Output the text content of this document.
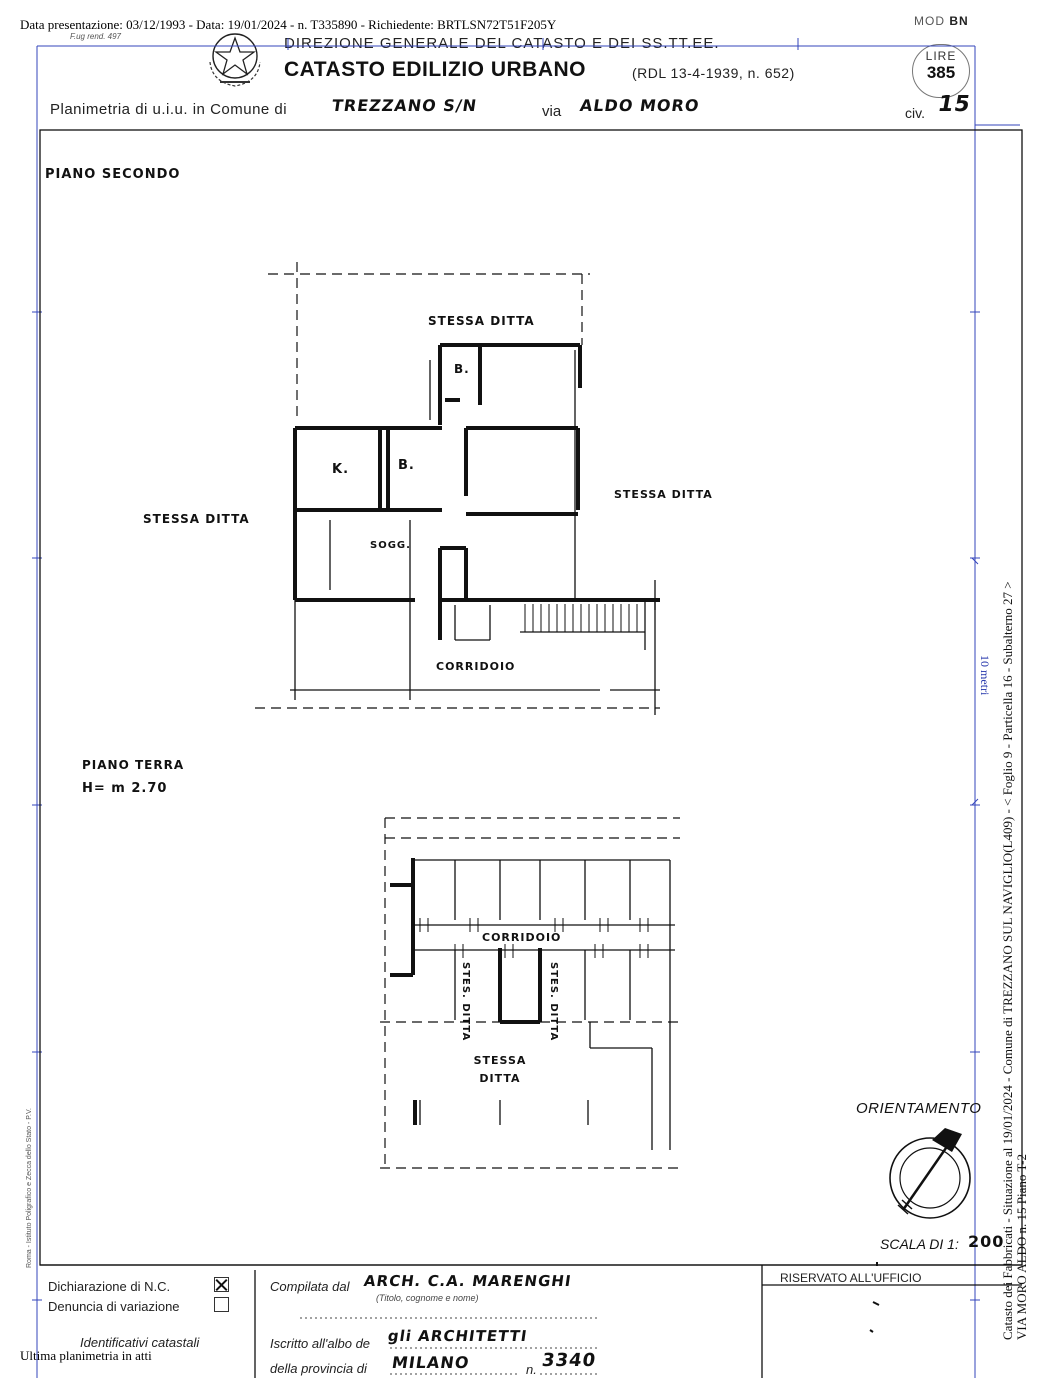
Data presentazione: 03/12/1993 - Data: 19/01/2024 - n. T335890 - Richiedente: BRTLSN72T51F205Y	MOD BN
F.ug rend. 497	DIREZIONE GENERALE DEL CATASTO E DEI SS.TT.EE.
CATASTO EDILIZIO URBANO	(RDL 13-4-1939, n. 652)
LIRE
385
Planimetria di u.i.u. in Comune di	TREZZANO S/N	via ALDO MORO	civ. 15
PIANO SECONDO
STESSA DITTA
STESSA DITTA
STESSA DITTA
B.
B.
K.
SOGG.
CORRIDOIO
PIANO TERRA
H= m 2.70
CORRIDOIO
STES. DITTA	STES. DITTA
STESSA DITTA
ORIENTAMENTO
SCALA DI 1: 200
Catasto dei Fabbricati - Situazione al 19/01/2024 - Comune di TREZZANO SUL NAVIGLIO(L409) - < Foglio 9 - Particella 16 - Subalterno 27 > VIA MORO ALDO n. 15 Piano T-2
10 metri
Roma - Istituto Poligrafico e Zecca dello Stato - P.V.
Dichiarazione di N.C.
Denuncia di variazione
Compilata dal ARCH. C.A. MARENGHI
(Titolo, cognome e nome)
RISERVATO ALL'UFFICIO
Identificativi catastali	Iscritto all'albo de gli ARCHITETTI
della provincia di MILANO	n. 3340
Ultima planimetria in atti
